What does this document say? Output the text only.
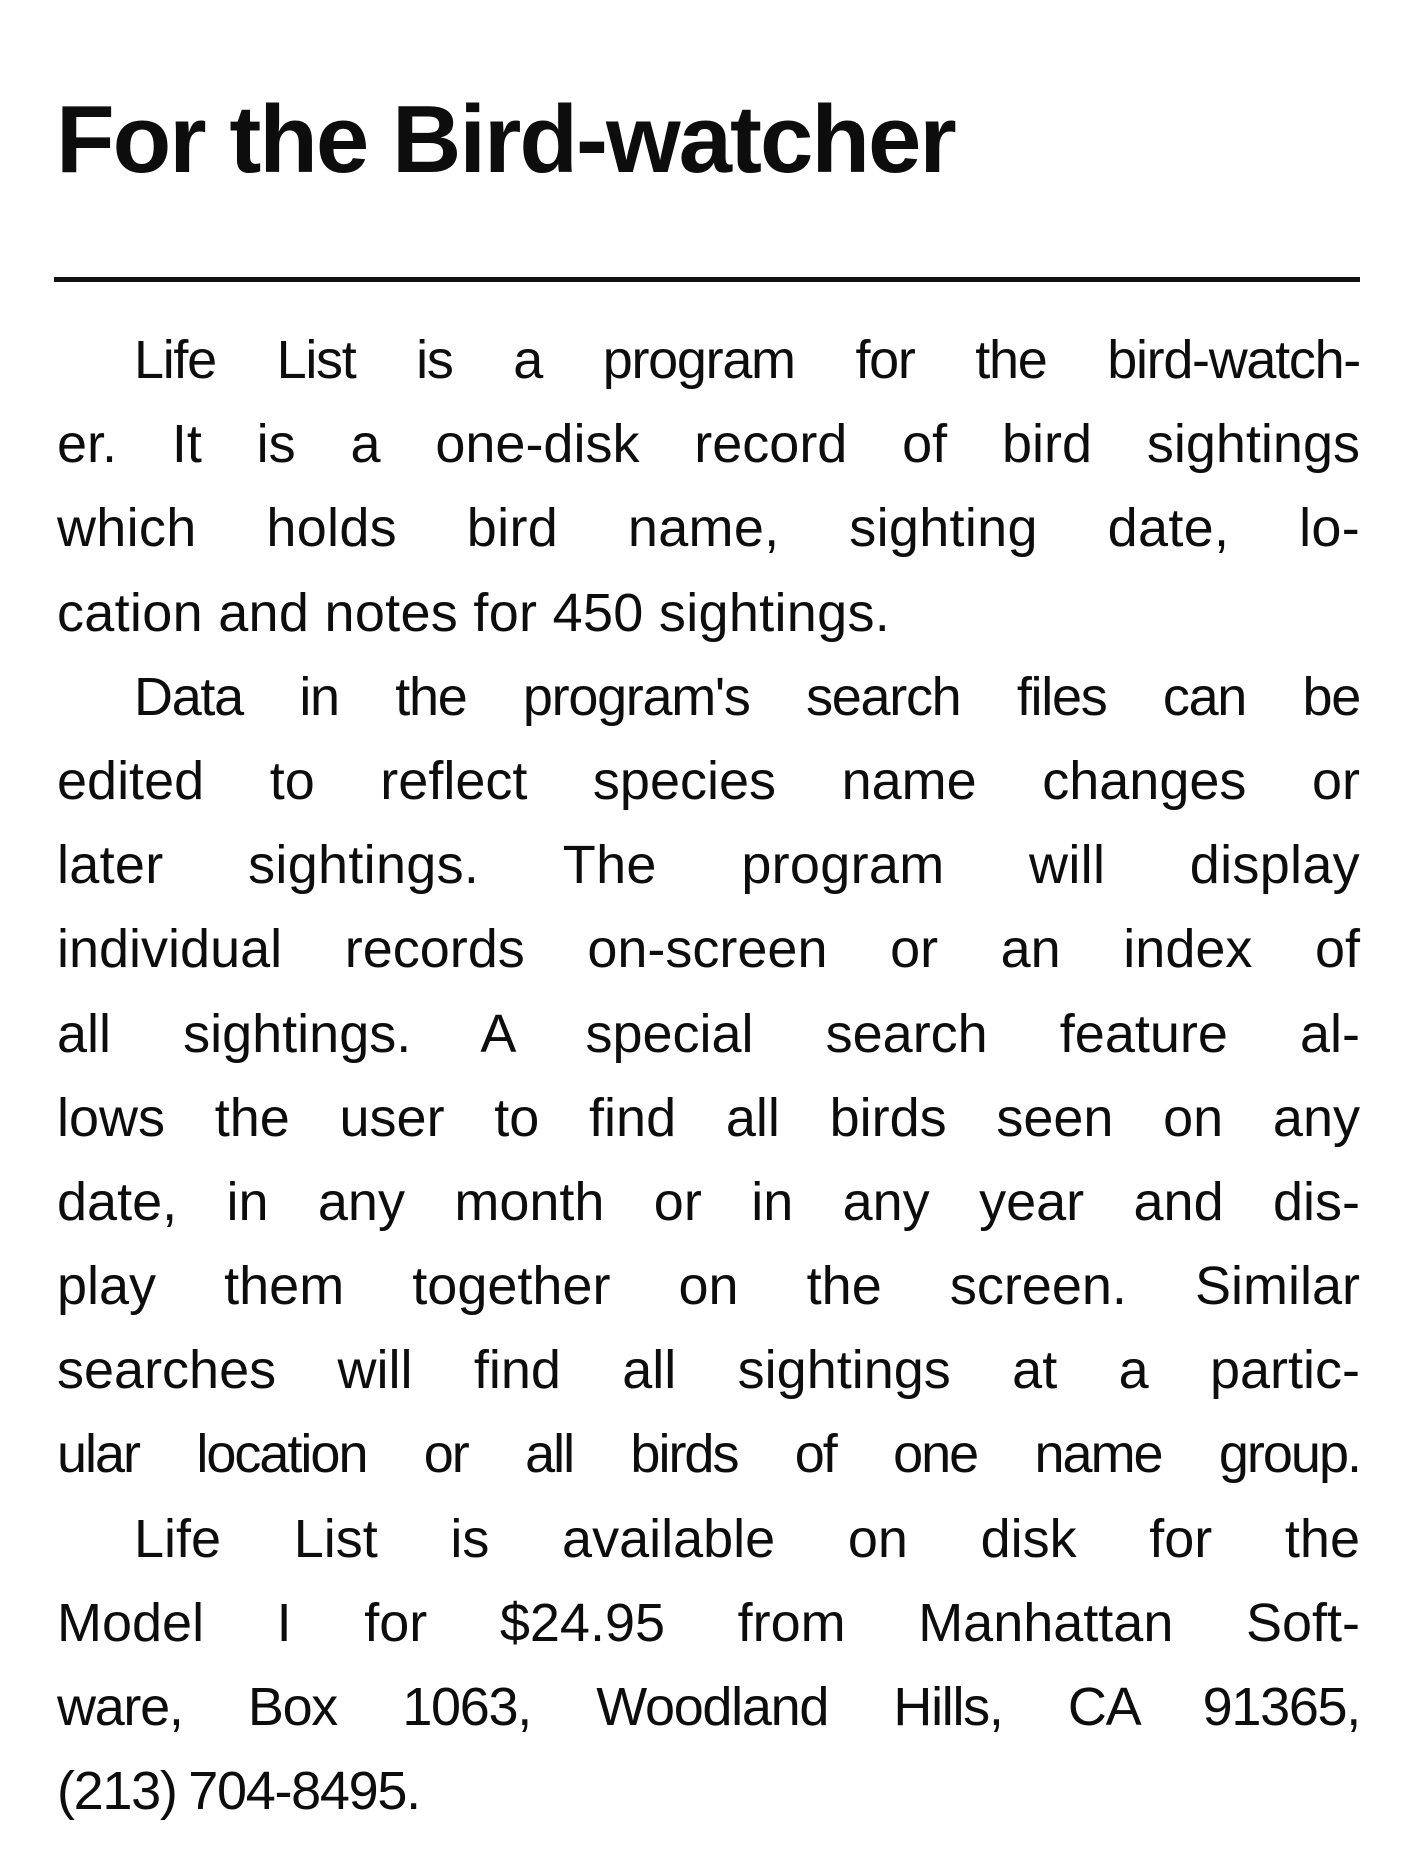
For the Bird-watcher
Life List is a program for the bird-watch-
er. It is a one-disk record of bird sightings
which holds bird name, sighting date, lo-
cation and notes for 450 sightings.
Data in the program's search files can be
edited to reflect species name changes or
later sightings. The program will display
individual records on-screen or an index of
all sightings. A special search feature al-
lows the user to find all birds seen on any
date, in any month or in any year and dis-
play them together on the screen. Similar
searches will find all sightings at a partic-
ular location or all birds of one name group.
Life List is available on disk for the
Model I for $24.95 from Manhattan Soft-
ware, Box 1063, Woodland Hills, CA 91365,
(213) 704-8495.
